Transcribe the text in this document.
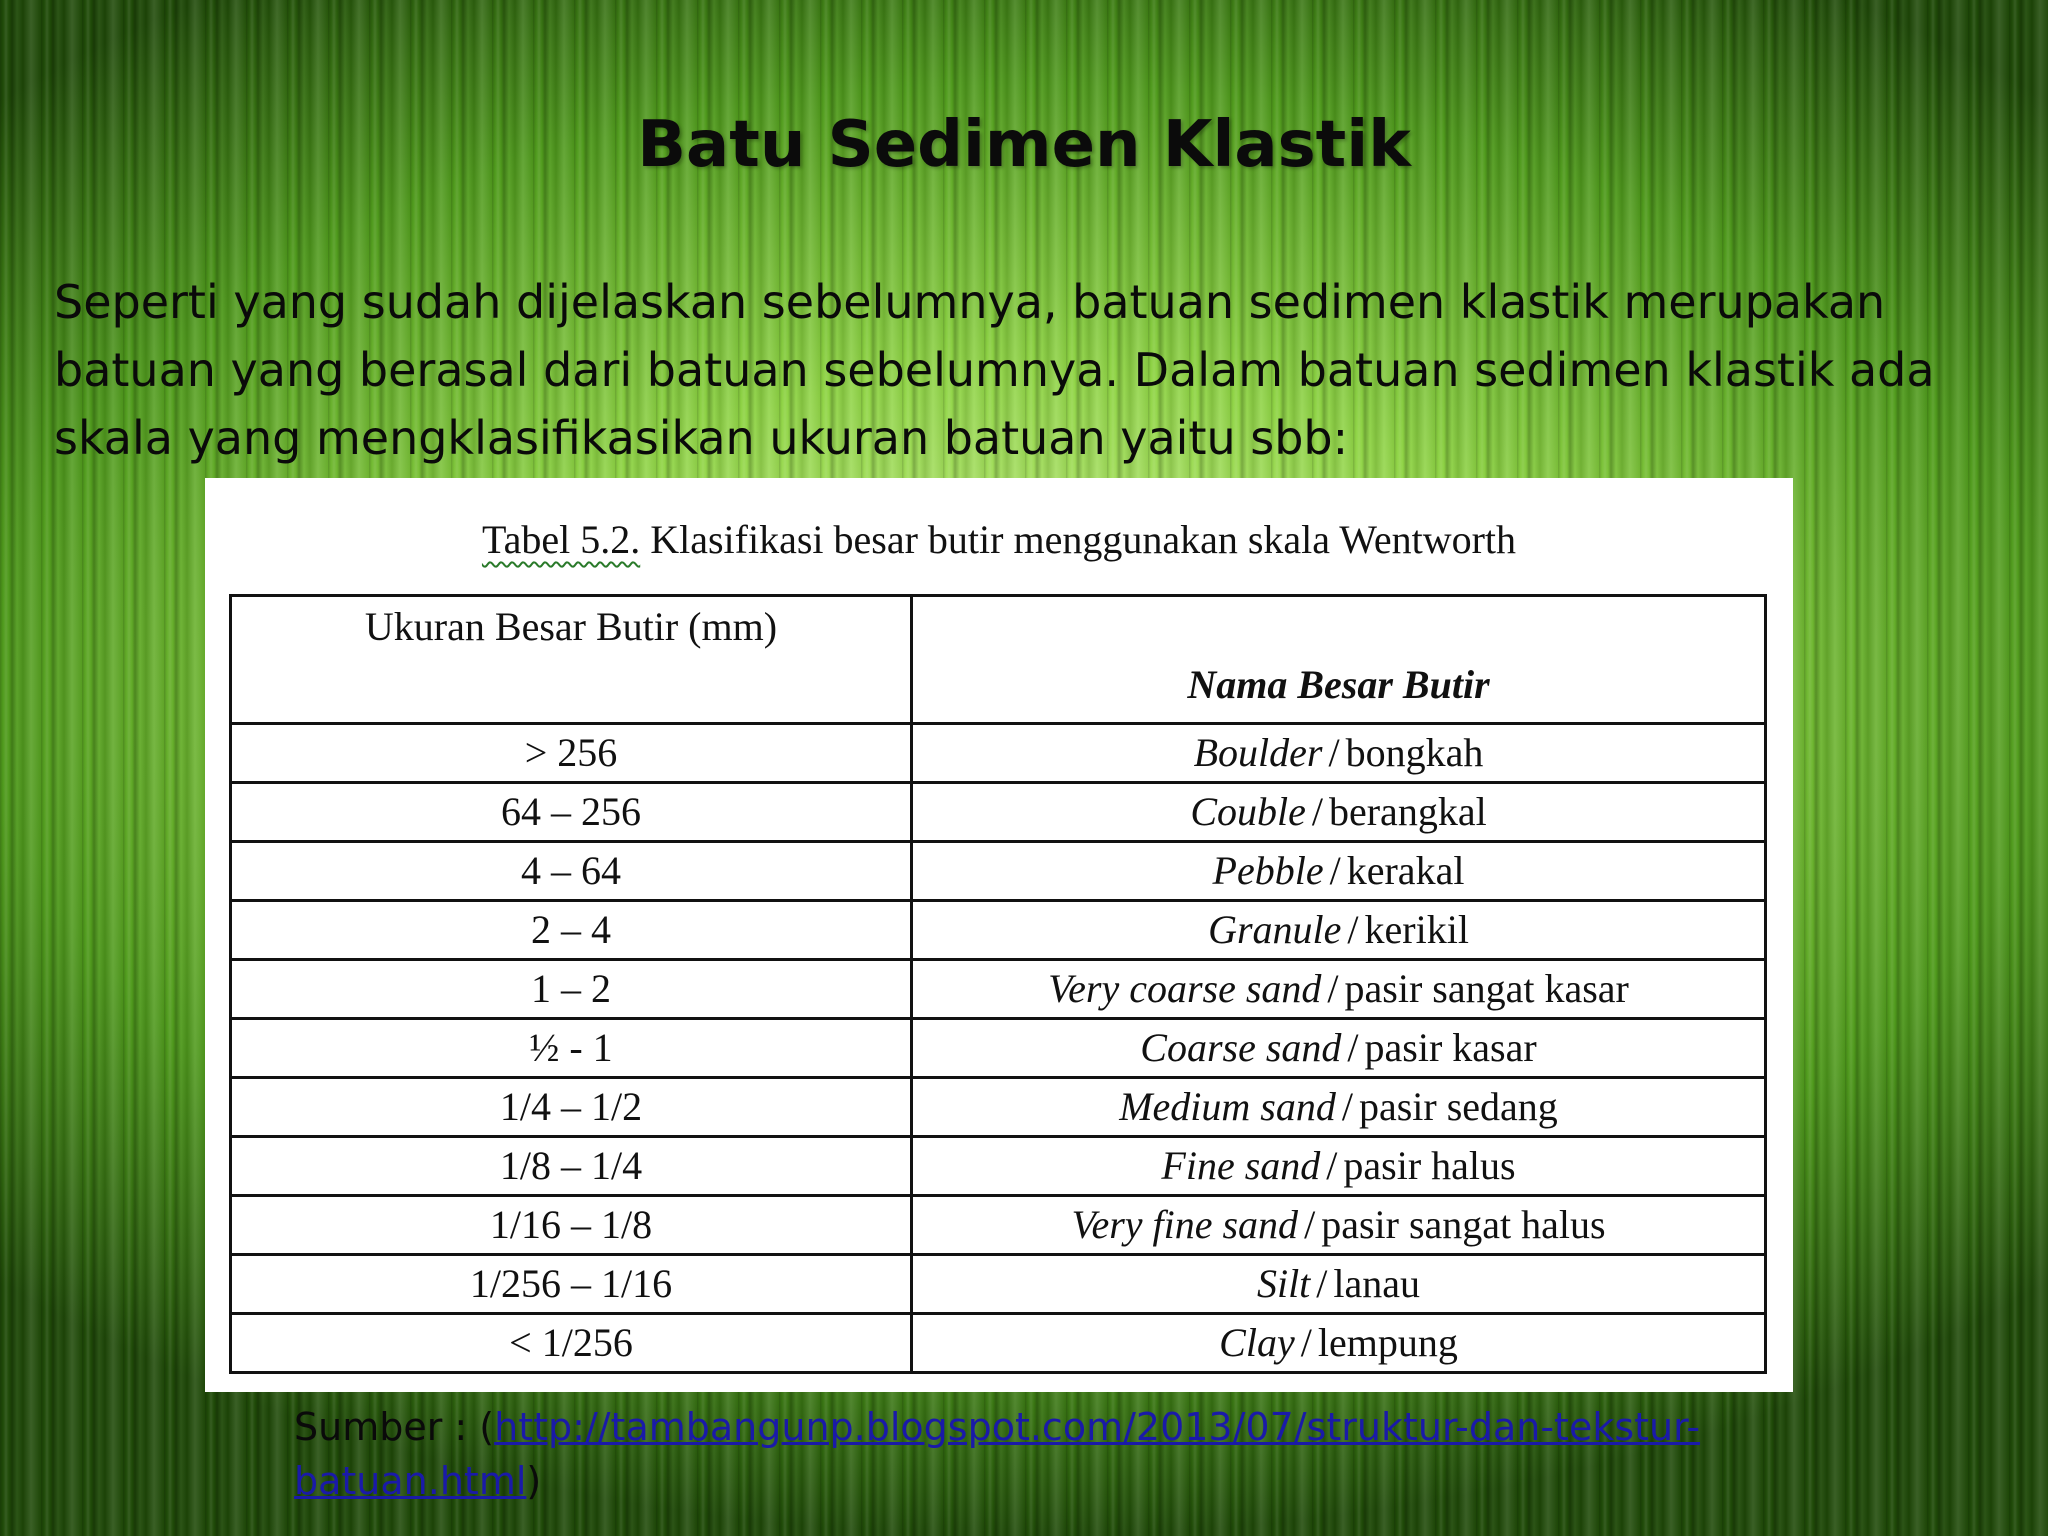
Batu Sedimen Klastik
Seperti yang sudah dijelaskan sebelumnya, batuan sedimen klastik merupakan batuan yang berasal dari batuan sebelumnya. Dalam batuan sedimen klastik ada skala yang mengklasifikasikan ukuran batuan yaitu sbb:
Tabel 5.2. Klasifikasi besar butir menggunakan skala Wentworth
Ukuran Besar Butir (mm)	Nama Besar Butir
> 256	Boulder / bongkah
64 – 256	Couble / berangkal
4 – 64	Pebble / kerakal
2 – 4	Granule / kerikil
1 – 2	Very coarse sand / pasir sangat kasar
½ - 1	Coarse sand / pasir kasar
1/4 – 1/2	Medium sand / pasir sedang
1/8 – 1/4	Fine sand / pasir halus
1/16 – 1/8	Very fine sand / pasir sangat halus
1/256 – 1/16	Silt / lanau
< 1/256	Clay / lempung
Sumber : (http://tambangunp.blogspot.com/2013/07/struktur-dan-tekstur-batuan.html)
